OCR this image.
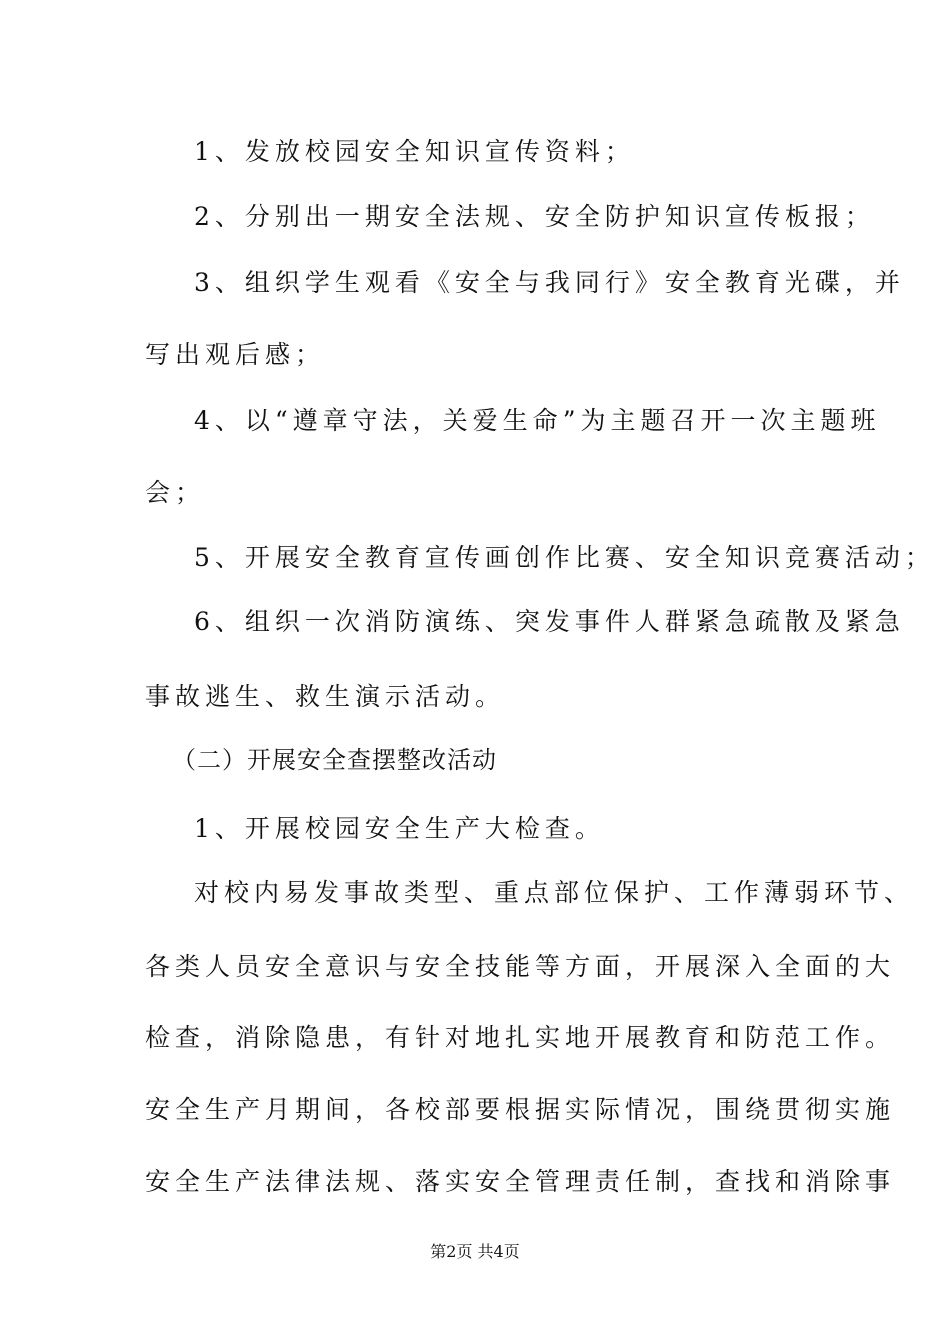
1、发放校园安全知识宣传资料；
2、分别出一期安全法规、安全防护知识宣传板报；
3、组织学生观看《安全与我同行》安全教育光碟，并
写出观后感；
4、以“遵章守法，关爱生命”为主题召开一次主题班
会；
5、开展安全教育宣传画创作比赛、安全知识竞赛活动；
6、组织一次消防演练、突发事件人群紧急疏散及紧急
事故逃生、救生演示活动。
（二）开展安全查摆整改活动
1、开展校园安全生产大检查。
对校内易发事故类型、重点部位保护、工作薄弱环节、
各类人员安全意识与安全技能等方面，开展深入全面的大
检查，消除隐患，有针对地扎实地开展教育和防范工作。
安全生产月期间，各校部要根据实际情况，围绕贯彻实施
安全生产法律法规、落实安全管理责任制，查找和消除事
第2页 共4页
